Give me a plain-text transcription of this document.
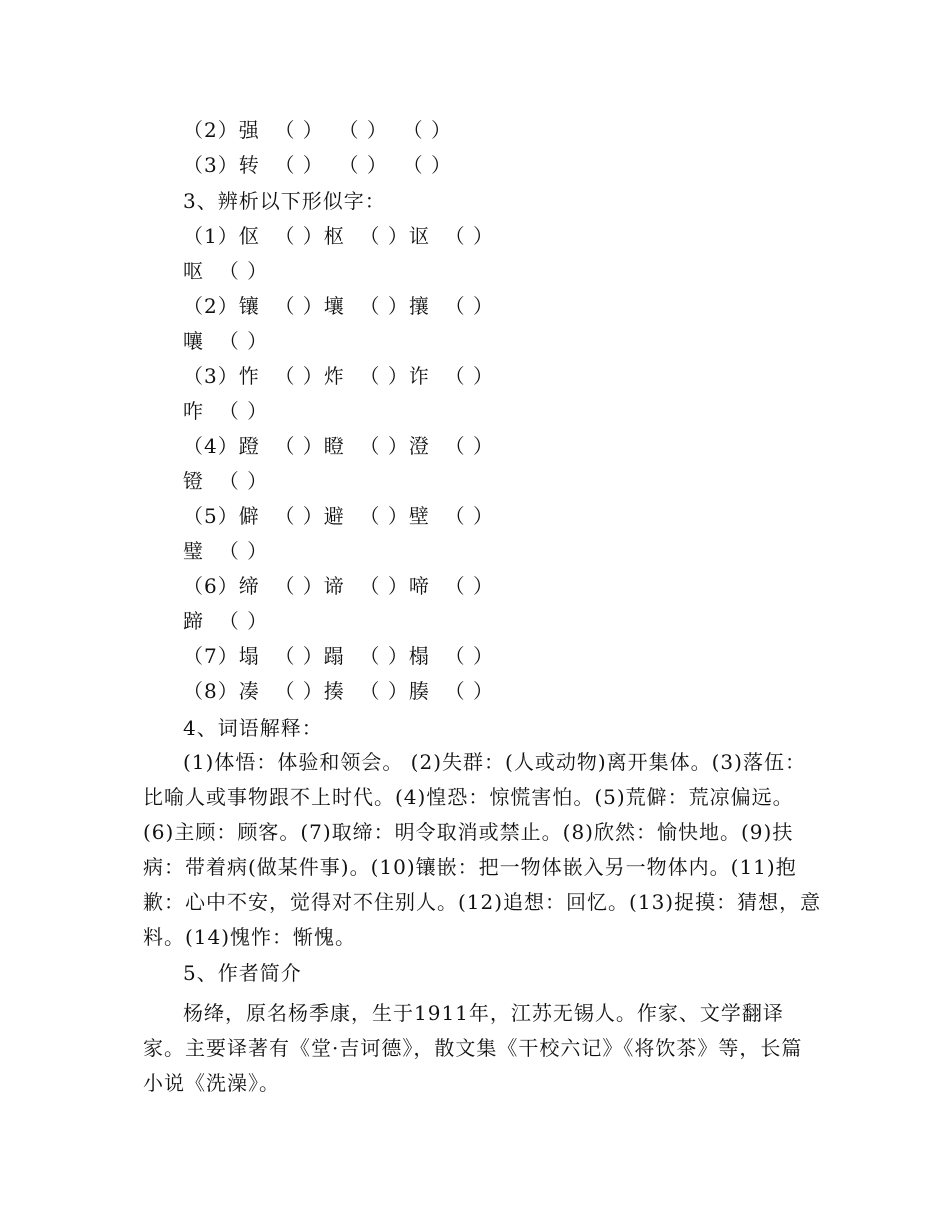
（2）强  （ ）  （ ）  （ ）
（3）转  （ ）  （ ）  （ ）
3、辨析以下形似字：
（1）伛  （ ）枢  （ ）讴  （ ）
呕  （ ）
（2）镶  （ ）壤  （ ）攘  （ ）
嚷  （ ）
（3）怍  （ ）炸  （ ）诈  （ ）
咋  （ ）
（4）蹬  （ ）瞪  （ ）澄  （ ）
镫  （ ）
（5）僻  （ ）避  （ ）壁  （ ）
璧  （ ）
（6）缔  （ ）谛  （ ）啼  （ ）
蹄  （ ）
（7）塌  （ ）蹋  （ ）榻  （ ）
（8）凑  （ ）揍  （ ）腠  （ ）
4、词语解释：
(1)体悟：体验和领会。 (2)失群：(人或动物)离开集体。(3)落伍：比喻人或事物跟不上时代。(4)惶恐：惊慌害怕。(5)荒僻：荒凉偏远。(6)主顾：顾客。(7)取缔：明令取消或禁止。(8)欣然：愉快地。(9)扶病：带着病(做某件事)。(10)镶嵌：把一物体嵌入另一物体内。(11)抱歉：心中不安，觉得对不住别人。(12)追想：回忆。(13)捉摸：猜想，意料。(14)愧怍：惭愧。
5、作者简介
杨绛，原名杨季康，生于1911年，江苏无锡人。作家、文学翻译家。主要译著有《堂·吉诃德》，散文集《干校六记》《将饮茶》等，长篇小说《洗澡》。
